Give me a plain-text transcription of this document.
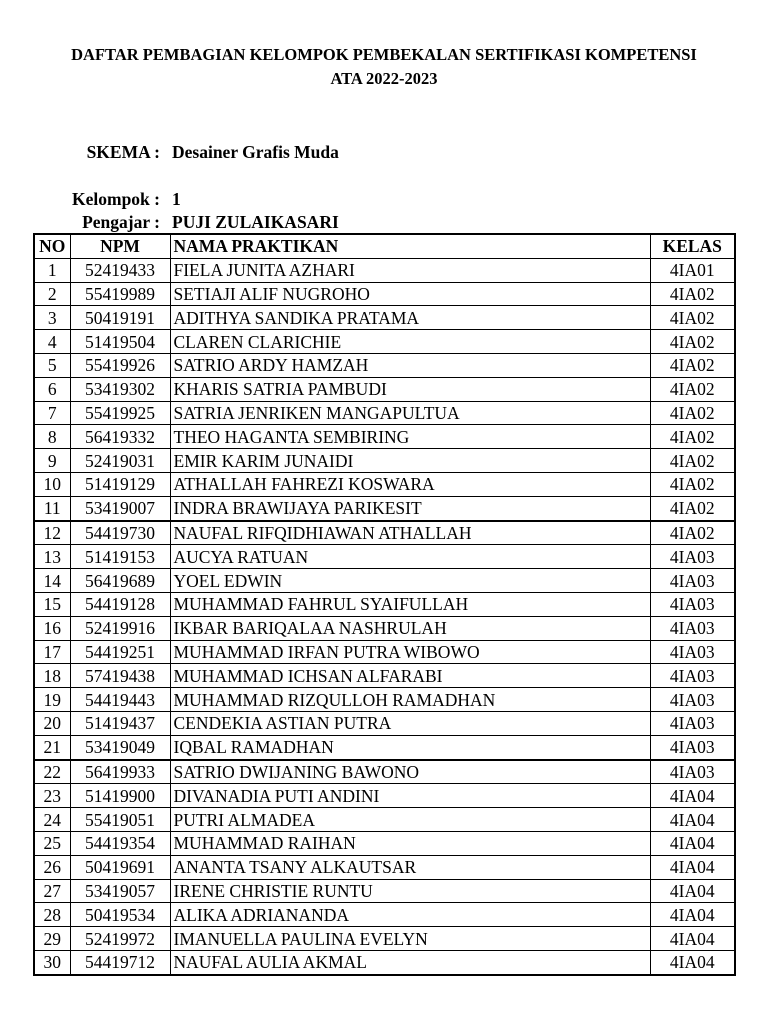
DAFTAR PEMBAGIAN KELOMPOK PEMBEKALAN SERTIFIKASI KOMPETENSI
ATA 2022-2023
SKEMA : Desainer Grafis Muda
Kelompok : 1
Pengajar : PUJI ZULAIKASARI
NO	NPM	NAMA PRAKTIKAN	KELAS
1	52419433	FIELA JUNITA AZHARI	4IA01
2	55419989	SETIAJI ALIF NUGROHO	4IA02
3	50419191	ADITHYA SANDIKA PRATAMA	4IA02
4	51419504	CLAREN CLARICHIE	4IA02
5	55419926	SATRIO ARDY HAMZAH	4IA02
6	53419302	KHARIS SATRIA PAMBUDI	4IA02
7	55419925	SATRIA JENRIKEN MANGAPULTUA	4IA02
8	56419332	THEO HAGANTA SEMBIRING	4IA02
9	52419031	EMIR KARIM JUNAIDI	4IA02
10	51419129	ATHALLAH FAHREZI KOSWARA	4IA02
11	53419007	INDRA BRAWIJAYA PARIKESIT	4IA02
12	54419730	NAUFAL RIFQIDHIAWAN ATHALLAH	4IA02
13	51419153	AUCYA RATUAN	4IA03
14	56419689	YOEL EDWIN	4IA03
15	54419128	MUHAMMAD FAHRUL SYAIFULLAH	4IA03
16	52419916	IKBAR BARIQALAA NASHRULAH	4IA03
17	54419251	MUHAMMAD IRFAN PUTRA WIBOWO	4IA03
18	57419438	MUHAMMAD ICHSAN ALFARABI	4IA03
19	54419443	MUHAMMAD RIZQULLOH RAMADHAN	4IA03
20	51419437	CENDEKIA ASTIAN PUTRA	4IA03
21	53419049	IQBAL RAMADHAN	4IA03
22	56419933	SATRIO DWIJANING BAWONO	4IA03
23	51419900	DIVANADIA PUTI ANDINI	4IA04
24	55419051	PUTRI ALMADEA	4IA04
25	54419354	MUHAMMAD RAIHAN	4IA04
26	50419691	ANANTA TSANY ALKAUTSAR	4IA04
27	53419057	IRENE CHRISTIE RUNTU	4IA04
28	50419534	ALIKA ADRIANANDA	4IA04
29	52419972	IMANUELLA PAULINA EVELYN	4IA04
30	54419712	NAUFAL AULIA AKMAL	4IA04
